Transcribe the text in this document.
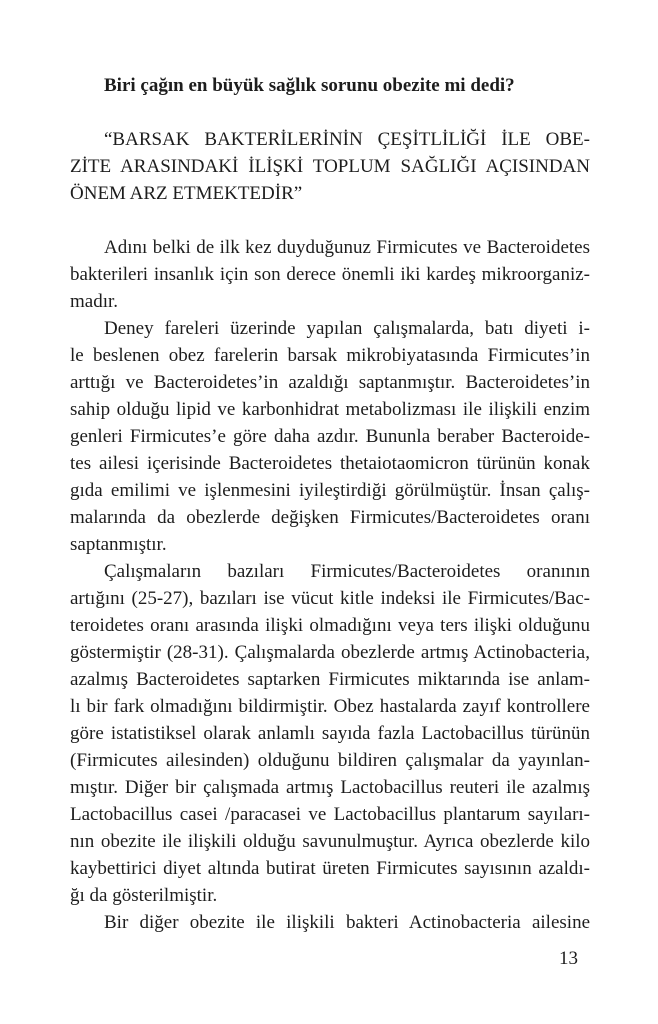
Biri çağın en büyük sağlık sorunu obezite mi dedi?
“BARSAK BAKTERİLERİNİN ÇEŞİTLİLİĞİ İLE OBE-
ZİTE ARASINDAKİ İLİŞKİ TOPLUM SAĞLIĞI AÇISINDAN
ÖNEM ARZ ETMEKTEDİR”
Adını belki de ilk kez duyduğunuz Firmicutes ve Bacteroidetes
bakterileri insanlık için son derece önemli iki kardeş mikroorganiz-
madır.
Deney fareleri üzerinde yapılan çalışmalarda, batı diyeti i-
le beslenen obez farelerin barsak mikrobiyatasında Firmicutes’in
arttığı ve Bacteroidetes’in azaldığı saptanmıştır. Bacteroidetes’in
sahip olduğu lipid ve karbonhidrat metabolizması ile ilişkili enzim
genleri Firmicutes’e göre daha azdır. Bununla beraber Bacteroide-
tes ailesi içerisinde Bacteroidetes thetaiotaomicron türünün konak
gıda emilimi ve işlenmesini iyileştirdiği görülmüştür. İnsan çalış-
malarında da obezlerde değişken Firmicutes/Bacteroidetes oranı
saptanmıştır.
Çalışmaların bazıları Firmicutes/Bacteroidetes oranının
artığını (25-27), bazıları ise vücut kitle indeksi ile Firmicutes/Bac-
teroidetes oranı arasında ilişki olmadığını veya ters ilişki olduğunu
göstermiştir (28-31). Çalışmalarda obezlerde artmış Actinobacteria,
azalmış Bacteroidetes saptarken Firmicutes miktarında ise anlam-
lı bir fark olmadığını bildirmiştir. Obez hastalarda zayıf kontrollere
göre istatistiksel olarak anlamlı sayıda fazla Lactobacillus türünün
(Firmicutes ailesinden) olduğunu bildiren çalışmalar da yayınlan-
mıştır. Diğer bir çalışmada artmış Lactobacillus reuteri ile azalmış
Lactobacillus casei /paracasei ve Lactobacillus plantarum sayıları-
nın obezite ile ilişkili olduğu savunulmuştur. Ayrıca obezlerde kilo
kaybettirici diyet altında butirat üreten Firmicutes sayısının azaldı-
ğı da gösterilmiştir.
Bir diğer obezite ile ilişkili bakteri Actinobacteria ailesine
13
